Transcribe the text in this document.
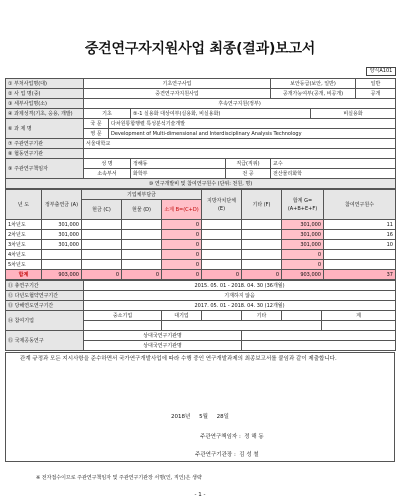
중견연구자지원사업 최종(결과)보고서
양식A101
① 부처사업명(대)	기초연구사업				보안등급(보안, 일반)		일반
② 사 업 명(중)	중견연구자지원사업				공개가능여부(공개, 비공개)		공개
③ 세부사업명(소)	후속연구지원(정부)						
④ 과제성격(기초, 응용, 개발)	기초		⑤-1 실용화 대상여부(실용화, 비실용화)			비실용화	
⑥ 과 제 명	국 문	다차원통합행렬 특성분석기술개발					
	영 문	Development of Multi-dimensional and Interdisciplinary Analysis Technology					
⑦ 주관연구기관	서울대학교						
⑧ 협동연구기관							
⑨ 주관연구책임자	성 명		정해동	직급(직위)	교수		
	소속부서		화학부	전 공	전산물리화학		
⑩ 연구개발비 및 참여연구원수 (단위: 천원, 명)							
년 도	정부출연금 (A)	기업체부담금			지방자치단체 (E)	기타 (F)	합계 G=(A+B+E+F)	참여연구원수
		현금 (C)	현물 (D)	소계 B=(C+D)				
1차년도	301,000			0			301,000	11
2차년도	301,000			0			301,000	16
3차년도	301,000			0			301,000	10
4차년도				0			0	
5차년도				0			0	
합계	903,000	0	0	0	0	0	903,000	37
⑪ 총연구기간	2015. 05. 01 - 2018. 04. 30 (36개월)					
⑫ 다년도협약연구기간	기재하지 않음					
⑬ 당해연도연구기간	2017. 05. 01 - 2018. 04. 30 (12개월)					
⑭ 참여기업	중소기업	대기업		기타		계

⑮ 국제공동연구	상대국연구기관명					
	상대국연구기관명					
관계 규정과 모든 지시사항을 준수하면서 국가연구개발사업에 따라 수행 중인 연구개발과제의 최종보고서를 붙임과 같이 제출합니다.
2018년 5월 28일
주관연구책임자 : 정 해 동
주관연구기관장 : 김 성 철
※ 전자접수이므로 주관연구책임자 및 주관연구기관장 서명(인, 직인)은 생략
- 1 -
